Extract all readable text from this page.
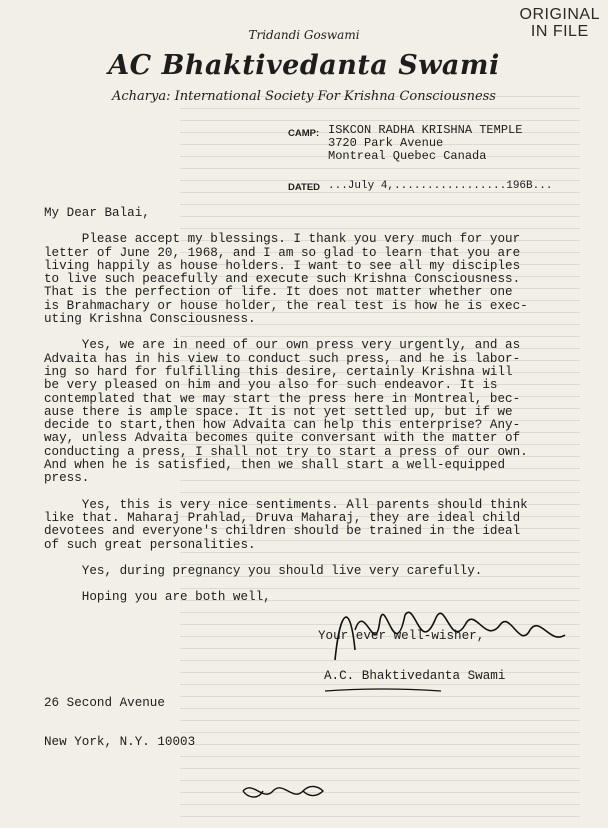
ORIGINAL
IN FILE
Tridandi Goswami
AC Bhaktivedanta Swami
Acharya: International Society For Krishna Consciousness
CAMP: ISKCON RADHA KRISHNA TEMPLE
3720 Park Avenue
Montreal Quebec Canada
DATED ...July 4,.................196B...

My Dear Balai,

Please accept my blessings. I thank you very much for your

letter of June 20, 1968, and I am so glad to learn that you are

living happily as house holders. I want to see all my disciples

to live such peacefully and execute such Krishna Consciousness.

That is the perfection of life. It does not matter whether one

is Brahmachary or house holder, the real test is how he is exec-

uting Krishna Consciousness.

Yes, we are in need of our own press very urgently, and as

Advaita has in his view to conduct such press, and he is labor-

ing so hard for fulfilling this desire, certainly Krishna will

be very pleased on him and you also for such endeavor. It is

contemplated that we may start the press here in Montreal, bec-

ause there is ample space. It is not yet settled up, but if we

decide to start,then how Advaita can help this enterprise? Any-

way, unless Advaita becomes quite conversant with the matter of

conducting a press, I shall not try to start a press of our own.

And when he is satisfied, then we shall start a well-equipped

press.

Yes, this is very nice sentiments. All parents should think

like that. Maharaj Prahlad, Druva Maharaj, they are ideal child

devotees and everyone's children should be trained in the ideal

of such great personalities.

Yes, during pregnancy you should live very carefully.

Hoping you are both well,

Your ever well-wisher,

A.C. Bhaktivedanta Swami

26 Second Avenue

New York, N.Y. 10003
